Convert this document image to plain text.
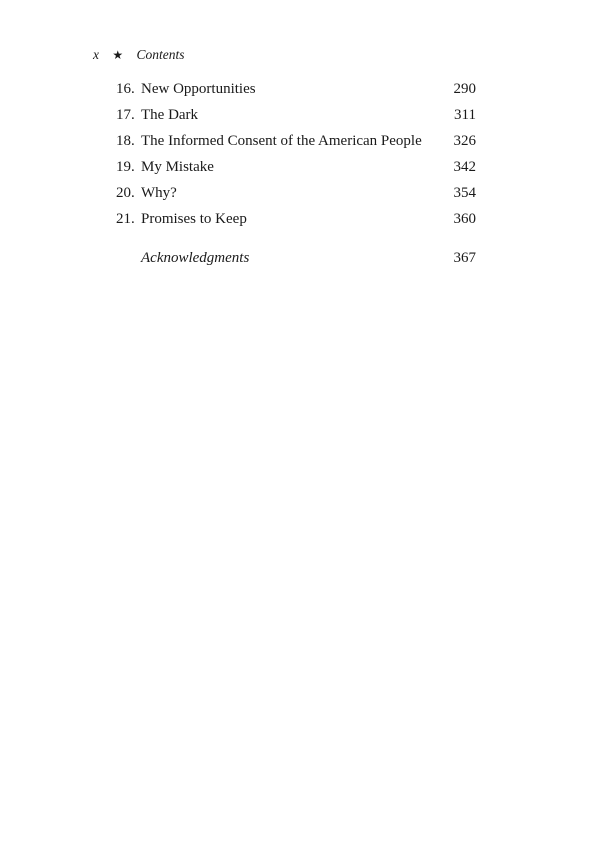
x ★ Contents
16. New Opportunities	290
17. The Dark	311
18. The Informed Consent of the American People 326
19. My Mistake	342
20. Why?	354
21. Promises to Keep	360
Acknowledgments	367
